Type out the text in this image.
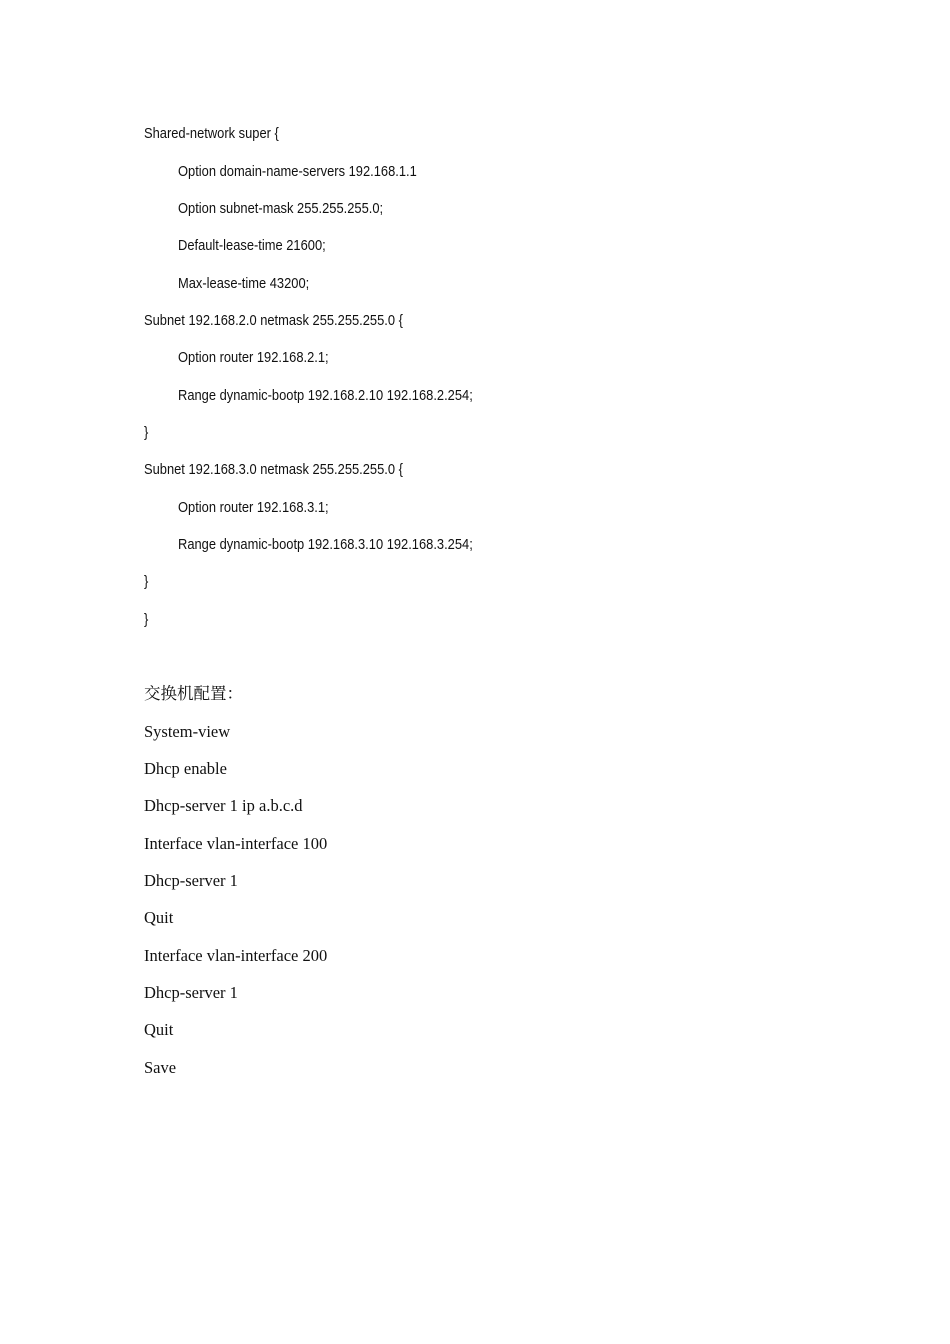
Shared-network super {
Option domain-name-servers 192.168.1.1
Option subnet-mask 255.255.255.0;
Default-lease-time 21600;
Max-lease-time 43200;
Subnet 192.168.2.0 netmask 255.255.255.0 {
Option router 192.168.2.1;
Range dynamic-bootp 192.168.2.10 192.168.2.254;
}
Subnet 192.168.3.0 netmask 255.255.255.0 {
Option router 192.168.3.1;
Range dynamic-bootp 192.168.3.10 192.168.3.254;
}
}
交换机配置：
System-view
Dhcp enable
Dhcp-server 1 ip a.b.c.d
Interface vlan-interface 100
Dhcp-server 1
Quit
Interface vlan-interface 200
Dhcp-server 1
Quit
Save
